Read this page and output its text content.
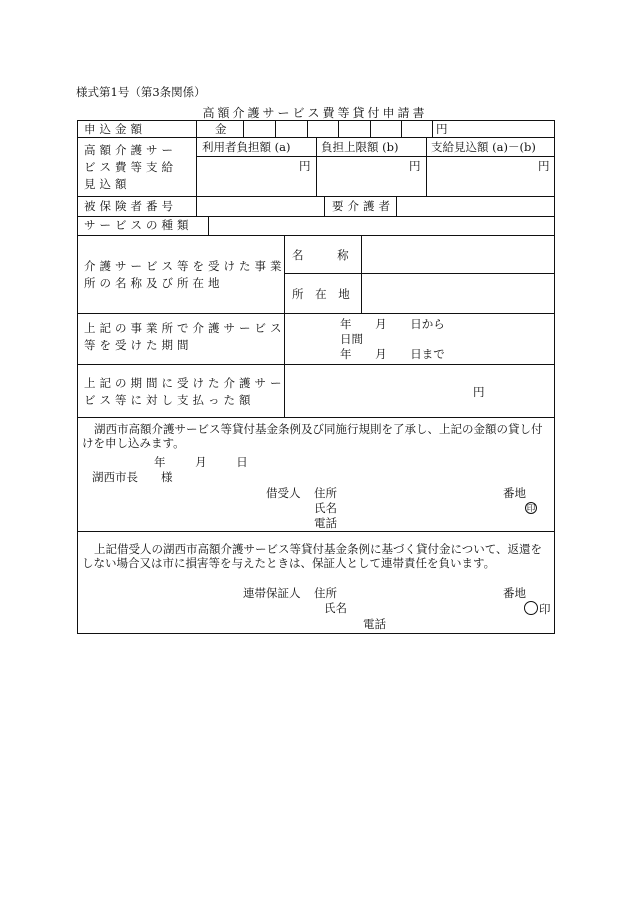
様式第1号（第3条関係）
高額介護サービス費等貸付申請書
申込金額	金	円
高額介護サー
ビス費等支給
見込額
利用者負担額 (a)	負担上限額 (b)	支給見込額 (a)－(b)
円	円	円
被保険者番号	要介護者
サービスの種類
介護サービス等を受けた事業
所の名称及び所在地
名 称
所 在 地
上記の事業所で介護サービス
等を受けた期間
年 月 日から
日間
年 月 日まで
上記の期間に受けた介護サー
ビス等に対し支払った額
円
湖西市高額介護サービス等貸付基金条例及び同施行規則を了承し、上記の金額の貸し付けを申し込みます。
年 月 日
湖西市長　　様
借受人 住所	番地
氏名	印
電話
上記借受人の湖西市高額介護サービス等貸付基金条例に基づく貸付金について、返還をしない場合又は市に損害等を与えたときは、保証人として連帯責任を負います。
連帯保証人 住所	番地
氏名	印
電話
